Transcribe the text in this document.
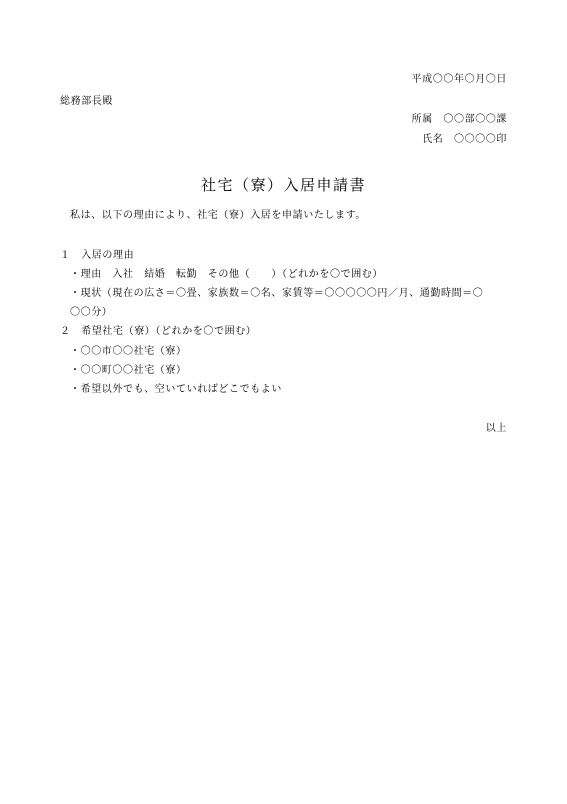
平成〇〇年〇月〇日
総務部長殿
所属　〇〇部〇〇課
氏名　〇〇〇〇印
社宅（寮）入居申請書
私は、以下の理由により、社宅（寮）入居を申請いたします。
１　入居の理由
・理由　入社　結婚　転勤　その他（　　）（どれかを〇で囲む）
・現状（現在の広さ＝〇畳、家族数＝〇名、家賃等＝〇〇〇〇〇円／月、通勤時間＝〇
〇〇分）
２　希望社宅（寮）（どれかを〇で囲む）
・〇〇市〇〇社宅（寮）
・〇〇町〇〇社宅（寮）
・希望以外でも、空いていればどこでもよい
以上
